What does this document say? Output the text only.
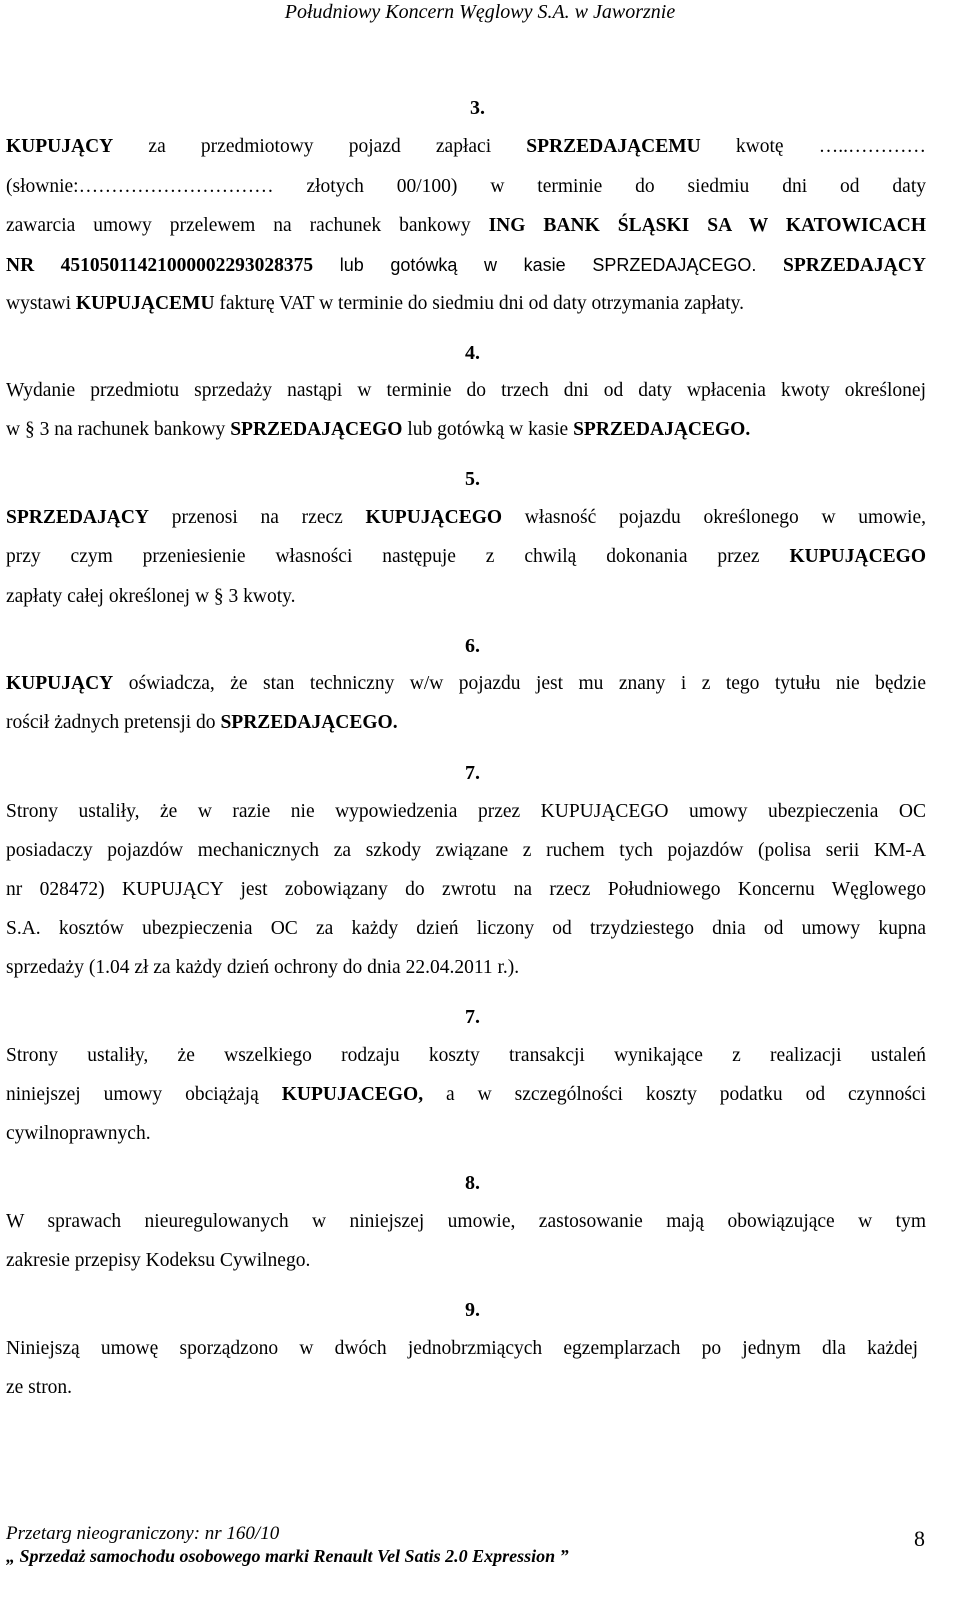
Południowy Koncern Węglowy S.A. w Jaworznie
3.
KUPUJĄCY za przedmiotowy pojazd zapłaci SPRZEDAJĄCEMU kwotę …..…………
(słownie:………………………… złotych 00/100) w terminie do siedmiu dni od daty
zawarcia umowy przelewem na rachunek bankowy ING BANK ŚLĄSKI SA W KATOWICACH
NR 45105011421000002293028375 lub gotówką w kasie SPRZEDAJĄCEGO. SPRZEDAJĄCY
wystawi KUPUJĄCEMU fakturę VAT w terminie do siedmiu dni od daty otrzymania zapłaty.
4.
Wydanie przedmiotu sprzedaży nastąpi w terminie do trzech dni od daty wpłacenia kwoty określonej
w § 3 na rachunek bankowy SPRZEDAJĄCEGO lub gotówką w kasie SPRZEDAJĄCEGO.
5.
SPRZEDAJĄCY przenosi na rzecz KUPUJĄCEGO własność pojazdu określonego w umowie,
przy czym przeniesienie własności następuje z chwilą dokonania przez KUPUJĄCEGO
zapłaty całej określonej w § 3 kwoty.
6.
KUPUJĄCY oświadcza, że stan techniczny w/w pojazdu jest mu znany i z tego tytułu nie będzie
rościł żadnych pretensji do SPRZEDAJĄCEGO.
7.
Strony ustaliły, że w razie nie wypowiedzenia przez KUPUJĄCEGO umowy ubezpieczenia OC
posiadaczy pojazdów mechanicznych za szkody związane z ruchem tych pojazdów (polisa serii KM-A
nr 028472) KUPUJĄCY jest zobowiązany do zwrotu na rzecz Południowego Koncernu Węglowego
S.A. kosztów ubezpieczenia OC za każdy dzień liczony od trzydziestego dnia od umowy kupna
sprzedaży (1.04 zł za każdy dzień ochrony do dnia 22.04.2011 r.).
7.
Strony ustaliły, że wszelkiego rodzaju koszty transakcji wynikające z realizacji ustaleń
niniejszej umowy obciążają KUPUJACEGO, a w szczególności koszty podatku od czynności
cywilnoprawnych.
8.
W sprawach nieuregulowanych w niniejszej umowie, zastosowanie mają obowiązujące w tym
zakresie przepisy Kodeksu Cywilnego.
9.
Niniejszą umowę sporządzono w dwóch jednobrzmiących egzemplarzach po jednym dla każdej
ze stron.
Przetarg nieograniczony: nr 160/10
„ Sprzedaż samochodu osobowego marki Renault Vel Satis 2.0 Expression ”
8
